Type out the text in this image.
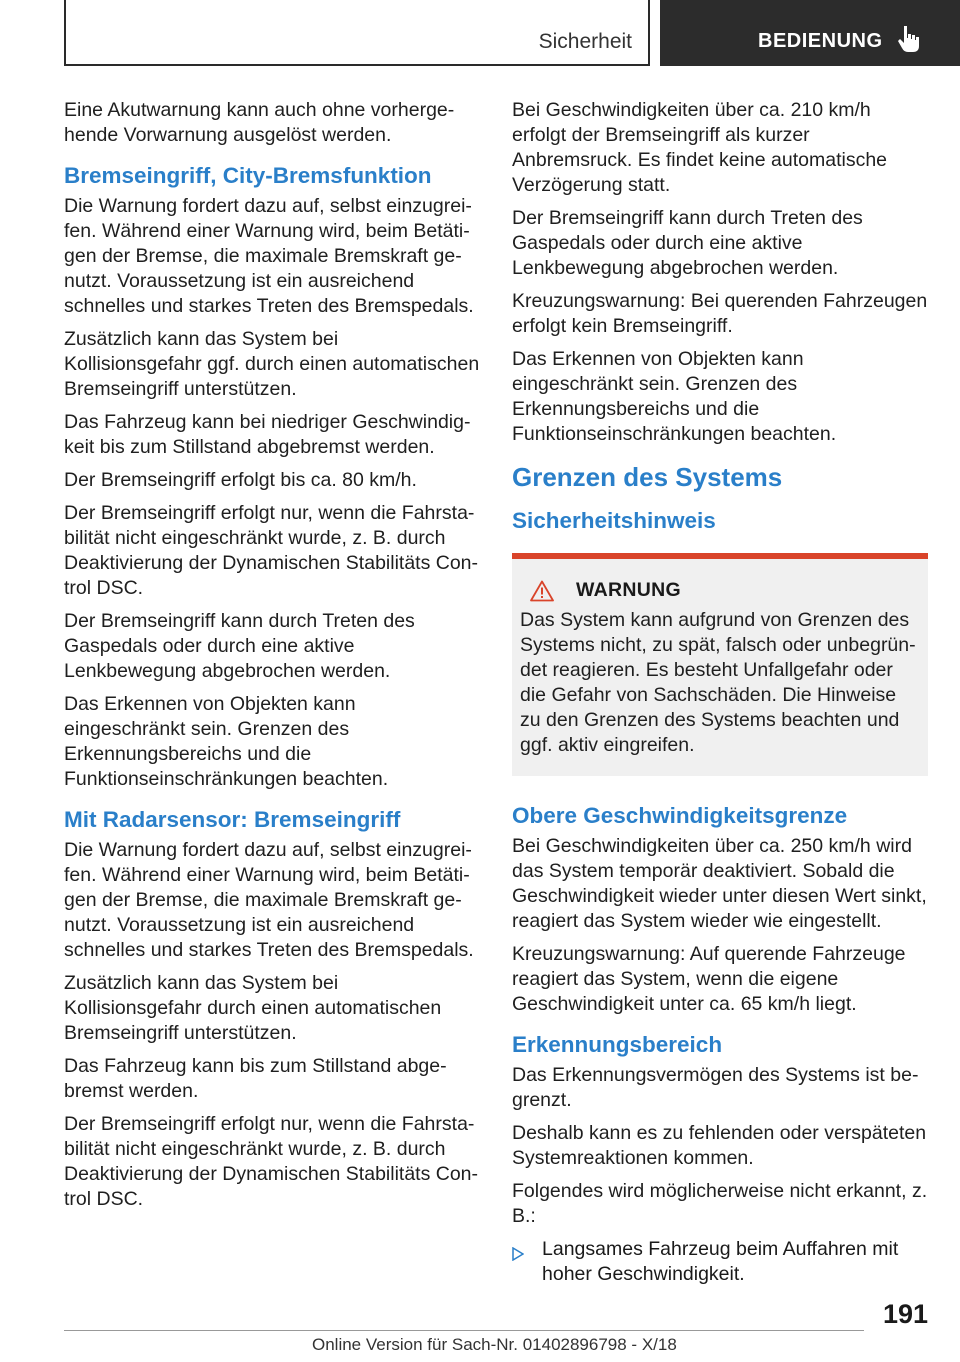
Sicherheit	BEDIENUNG

Eine Akutwarnung kann auch ohne vorhergehende Vorwarnung ausgelöst werden.

Bremseingriff, City-Bremsfunktion

Die Warnung fordert dazu auf, selbst einzugreifen. Während einer Warnung wird, beim Betätigen der Bremse, die maximale Bremskraft genutzt. Voraussetzung ist ein ausreichend schnelles und starkes Treten des Bremspedals.

Zusätzlich kann das System bei Kollisionsgefahr ggf. durch einen automatischen Bremseingriff unterstützen.

Das Fahrzeug kann bei niedriger Geschwindigkeit bis zum Stillstand abgebremst werden.

Der Bremseingriff erfolgt bis ca. 80 km/h.

Der Bremseingriff erfolgt nur, wenn die Fahrstabilität nicht eingeschränkt wurde, z. B. durch Deaktivierung der Dynamischen Stabilitäts Control DSC.

Der Bremseingriff kann durch Treten des Gaspedals oder durch eine aktive Lenkbewegung abgebrochen werden.

Das Erkennen von Objekten kann eingeschränkt sein. Grenzen des Erkennungsbereichs und die Funktionseinschränkungen beachten.

Mit Radarsensor: Bremseingriff

Die Warnung fordert dazu auf, selbst einzugreifen. Während einer Warnung wird, beim Betätigen der Bremse, die maximale Bremskraft genutzt. Voraussetzung ist ein ausreichend schnelles und starkes Treten des Bremspedals.

Zusätzlich kann das System bei Kollisionsgefahr durch einen automatischen Bremseingriff unterstützen.

Das Fahrzeug kann bis zum Stillstand abgebremst werden.

Der Bremseingriff erfolgt nur, wenn die Fahrstabilität nicht eingeschränkt wurde, z. B. durch Deaktivierung der Dynamischen Stabilitäts Control DSC.

Bei Geschwindigkeiten über ca. 210 km/h erfolgt der Bremseingriff als kurzer Anbremsruck. Es findet keine automatische Verzögerung statt.

Der Bremseingriff kann durch Treten des Gaspedals oder durch eine aktive Lenkbewegung abgebrochen werden.

Kreuzungswarnung: Bei querenden Fahrzeugen erfolgt kein Bremseingriff.

Das Erkennen von Objekten kann eingeschränkt sein. Grenzen des Erkennungsbereichs und die Funktionseinschränkungen beachten.

Grenzen des Systems
Sicherheitshinweis
WARNUNG

Das System kann aufgrund von Grenzen des Systems nicht, zu spät, falsch oder unbegründet reagieren. Es besteht Unfallgefahr oder die Gefahr von Sachschäden. Die Hinweise zu den Grenzen des Systems beachten und ggf. aktiv eingreifen.

Obere Geschwindigkeitsgrenze

Bei Geschwindigkeiten über ca. 250 km/h wird das System temporär deaktiviert. Sobald die Geschwindigkeit wieder unter diesen Wert sinkt, reagiert das System wieder wie eingestellt.

Kreuzungswarnung: Auf querende Fahrzeuge reagiert das System, wenn die eigene Geschwindigkeit unter ca. 65 km/h liegt.

Erkennungsbereich

Das Erkennungsvermögen des Systems ist begrenzt.

Deshalb kann es zu fehlenden oder verspäteten Systemreaktionen kommen.

Folgendes wird möglicherweise nicht erkannt, z. B.:

Langsames Fahrzeug beim Auffahren mit hoher Geschwindigkeit.
191
Online Version für Sach-Nr. 01402896798 - X/18
